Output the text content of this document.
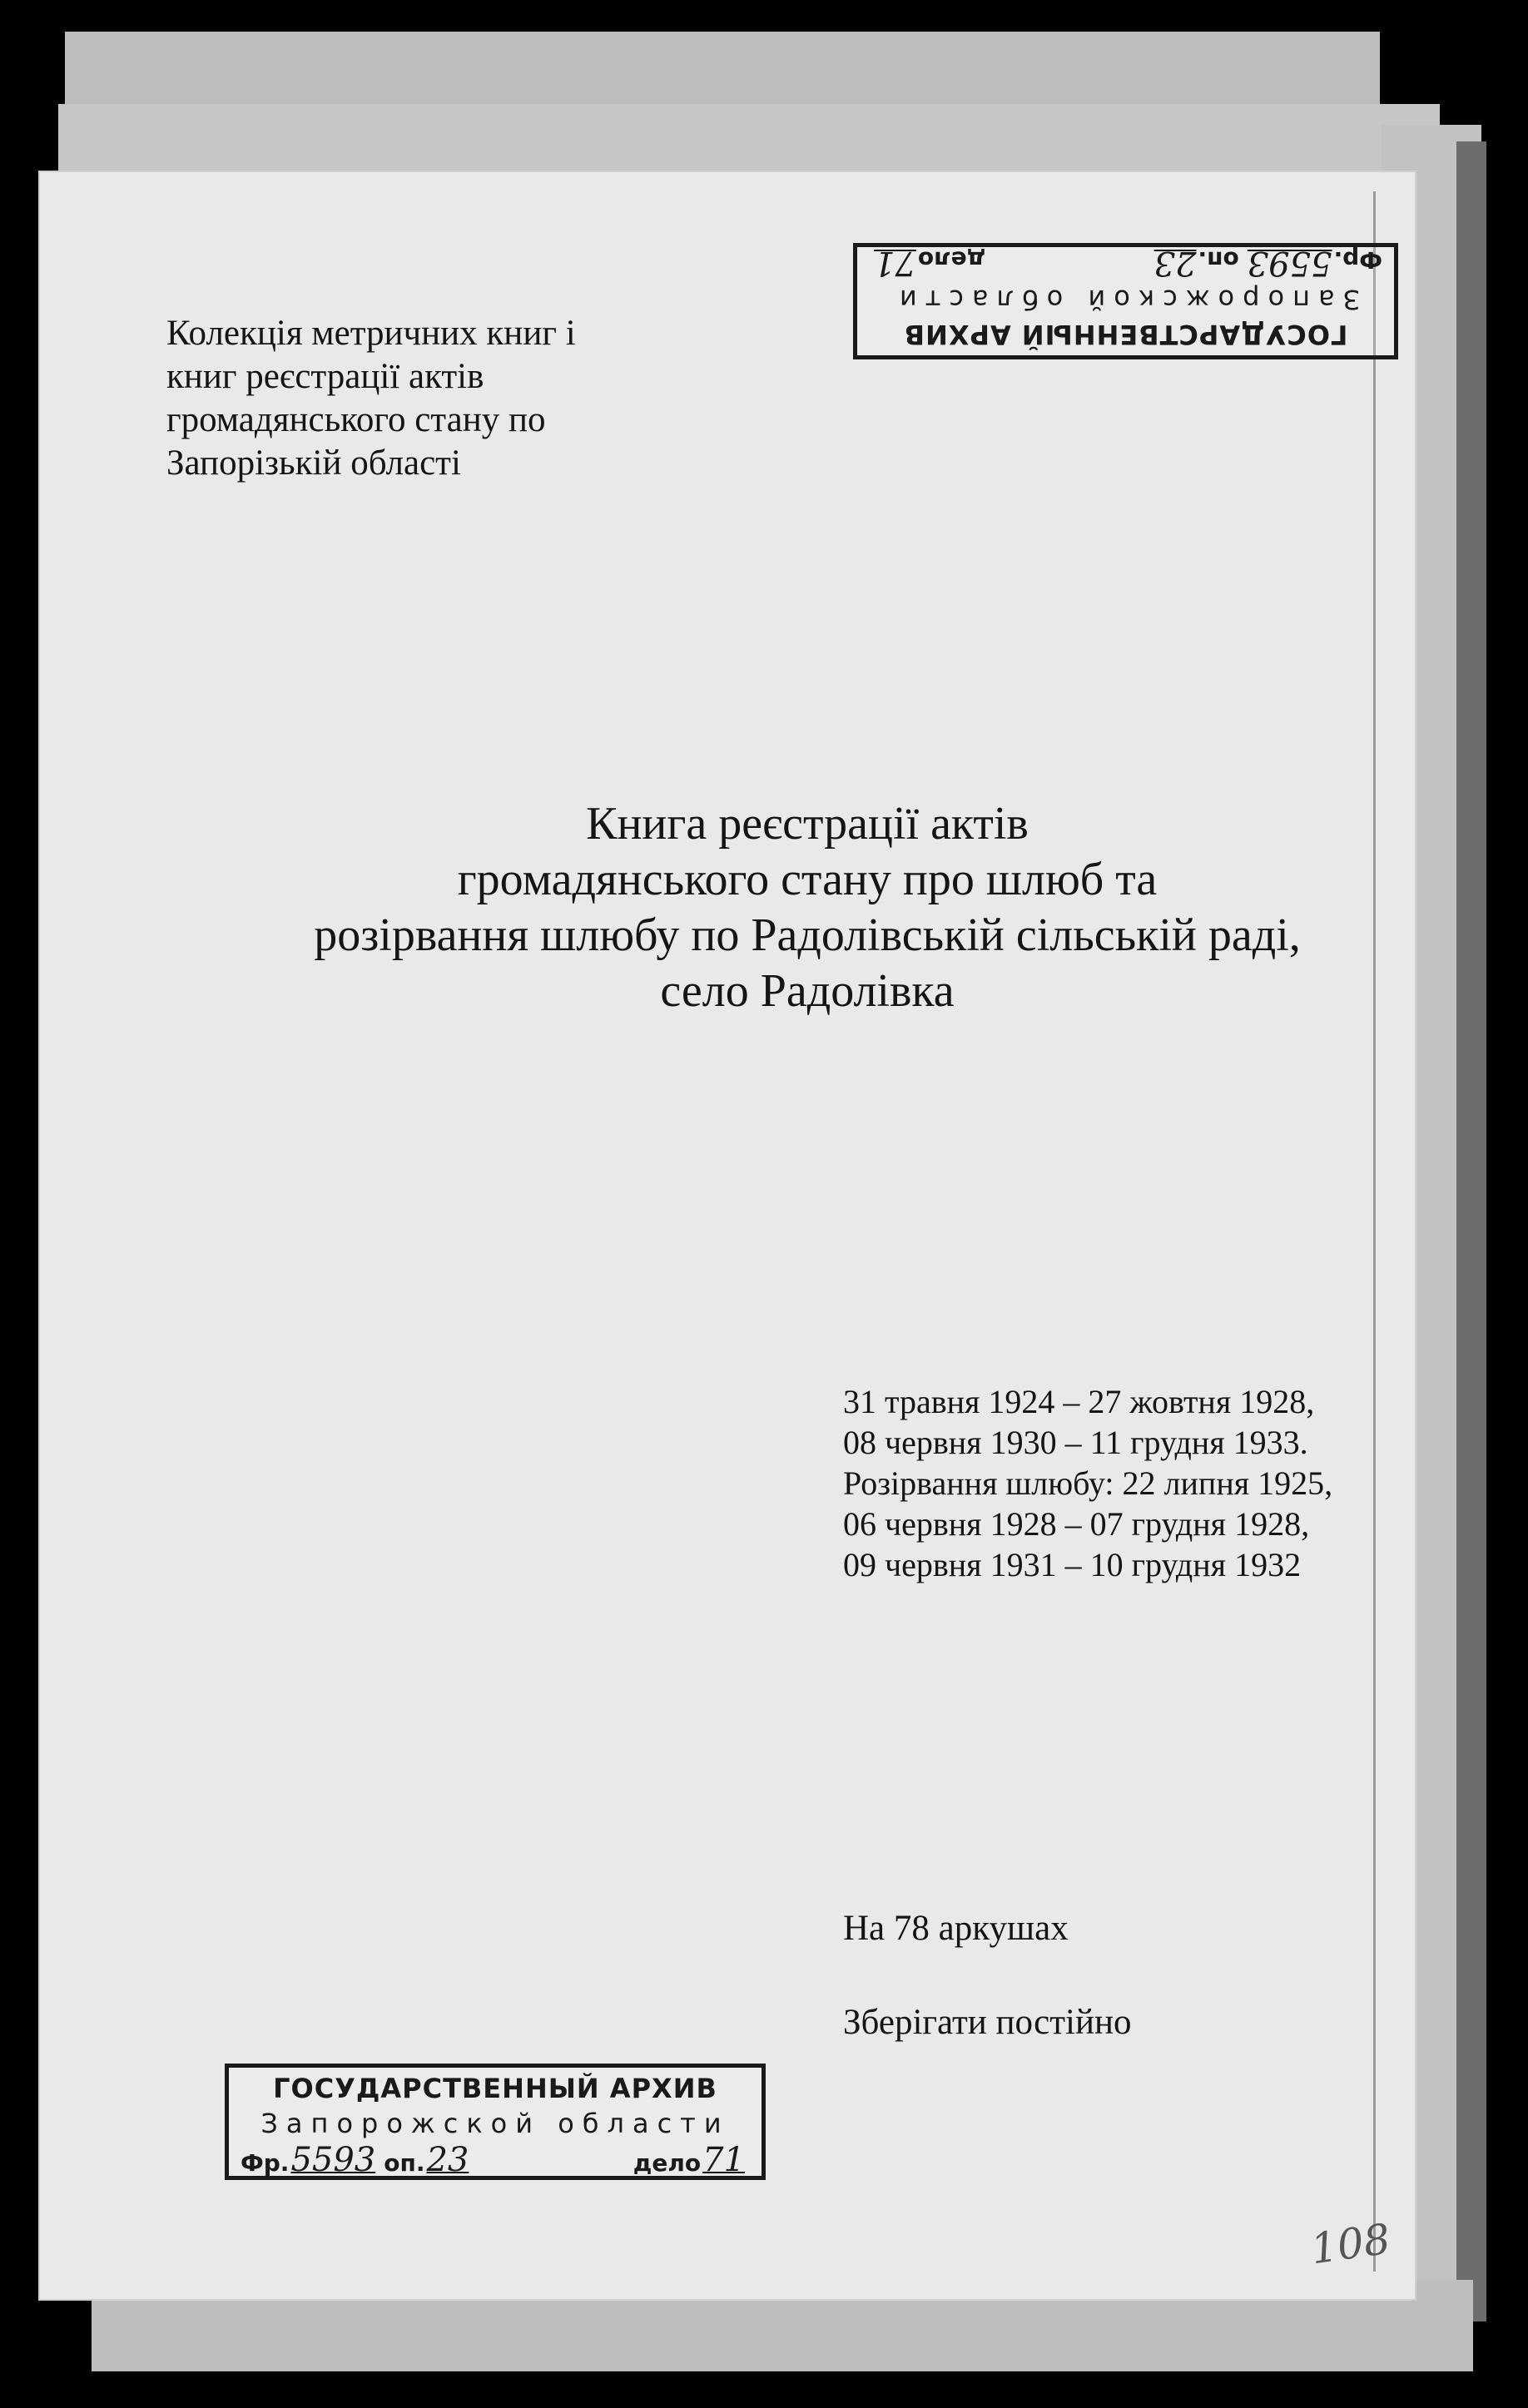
ГОСУДАРСТВЕННЫЙ АРХИВ
Запорожской области
Фр.
5593
оп.
23
дело
71
Колекція метричних книг і
книг реєстрації актів
громадянського стану по
Запорізькій області
Книга реєстрації актів
громадянського стану про шлюб та
розірвання шлюбу по Радолівській сільській раді,
село Радолівка
31 травня 1924 – 27 жовтня 1928,
08 червня 1930 – 11 грудня 1933.
Розірвання шлюбу: 22 липня 1925,
06 червня 1928 – 07 грудня 1928,
09 червня 1931 – 10 грудня 1932
На 78 аркушах
Зберігати постійно
ГОСУДАРСТВЕННЫЙ АРХИВ
Запорожской области
Фр. 5593 оп. 23	дело 71
108
